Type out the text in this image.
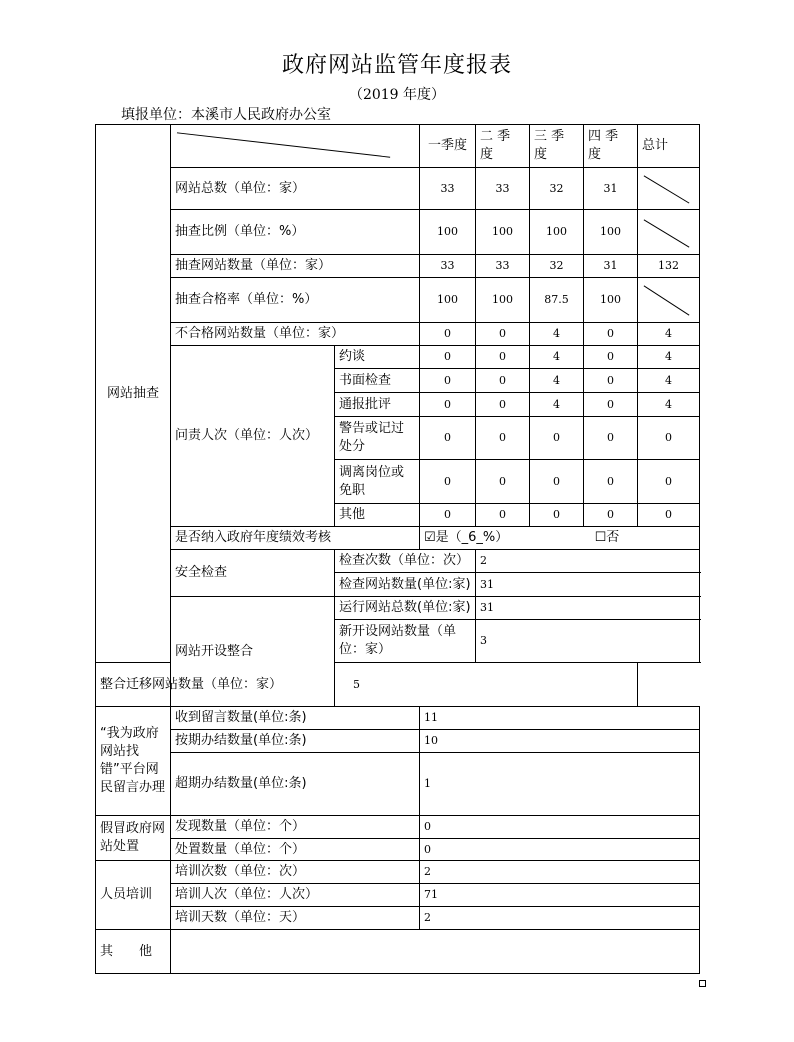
政府网站监管年度报表
（2019 年度）
填报单位：本溪市人民政府办公室
网站抽查			一季度	二 季 度	三 季 度	四 季 度	总计
	网站总数（单位：家）		33	33	32	31	

	抽查比例（单位：%）		100	100	100	100	

	抽查网站数量（单位：家）		33	33	32	31	132
	抽查合格率（单位：%）		100	100	87.5	100	

	不合格网站数量（单位：家）		0	0	4	0	4
	问责人次（单位：人次）	约谈	0	0	4	0	4
		书面检查	0	0	4	0	4
		通报批评	0	0	4	0	4
		警告或记过处分	0	0	0	0	0
		调离岗位或免职	0	0	0	0	0
		其他	0	0	0	0	0
	是否纳入政府年度绩效考核		☑是（_6_%） ☐否				
	安全检查	检查次数（单位：次）		2			
		检查网站数量(单位:家)		31			
	网站开设整合	运行网站总数(单位:家)		31			
		新开设网站数量（单位：家）		3			
整合迁移网站数量（单位：家）		5					
“我为政府网站找错”平台网民留言办理	收到留言数量(单位:条)		11				
	按期办结数量(单位:条)		10				
	超期办结数量(单位:条)		1				
假冒政府网站处置	发现数量（单位：个）		0				
	处置数量（单位：个）		0				
人员培训	培训次数（单位：次）		2				
	培训人次（单位：人次）		71				
	培训天数（单位：天）		2				
其　　他							
